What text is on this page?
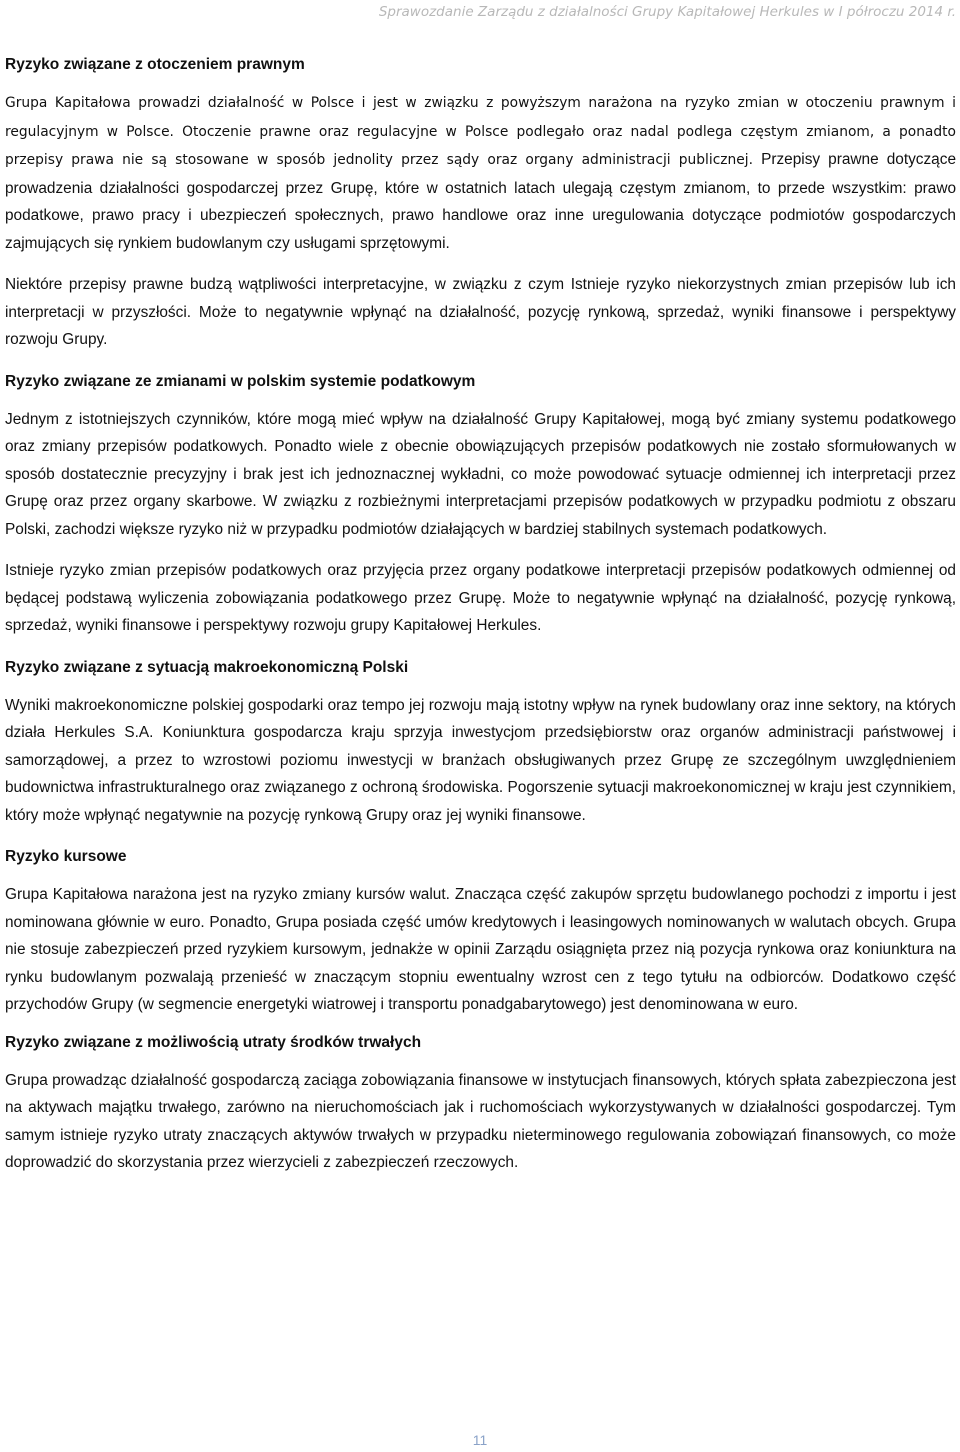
Sprawozdanie Zarządu z działalności Grupy Kapitałowej Herkules w I półroczu 2014 r.
Ryzyko związane z otoczeniem prawnym
Grupa Kapitałowa prowadzi działalność w Polsce i jest w związku z powyższym narażona na ryzyko zmian w otoczeniu prawnym i regulacyjnym w Polsce. Otoczenie prawne oraz regulacyjne w Polsce podlegało oraz nadal podlega częstym zmianom, a ponadto przepisy prawa nie są stosowane w sposób jednolity przez sądy oraz organy administracji publicznej. Przepisy prawne dotyczące prowadzenia działalności gospodarczej przez Grupę, które w ostatnich latach ulegają częstym zmianom, to przede wszystkim: prawo podatkowe, prawo pracy i ubezpieczeń społecznych, prawo handlowe oraz inne uregulowania dotyczące podmiotów gospodarczych zajmujących się rynkiem budowlanym czy usługami sprzętowymi.
Niektóre przepisy prawne budzą wątpliwości interpretacyjne, w związku z czym Istnieje ryzyko niekorzystnych zmian przepisów lub ich interpretacji w przyszłości. Może to negatywnie wpłynąć na działalność, pozycję rynkową, sprzedaż, wyniki finansowe i perspektywy rozwoju Grupy.
Ryzyko związane ze zmianami w polskim systemie podatkowym
Jednym z istotniejszych czynników, które mogą mieć wpływ na działalność Grupy Kapitałowej, mogą być zmiany systemu podatkowego oraz zmiany przepisów podatkowych. Ponadto wiele z obecnie obowiązujących przepisów podatkowych nie zostało sformułowanych w sposób dostatecznie precyzyjny i brak jest ich jednoznacznej wykładni, co może powodować sytuacje odmiennej ich interpretacji przez Grupę oraz przez organy skarbowe. W związku z rozbieżnymi interpretacjami przepisów podatkowych w przypadku podmiotu z obszaru Polski, zachodzi większe ryzyko niż w przypadku podmiotów działających w bardziej stabilnych systemach podatkowych.
Istnieje ryzyko zmian przepisów podatkowych oraz przyjęcia przez organy podatkowe interpretacji przepisów podatkowych odmiennej od będącej podstawą wyliczenia zobowiązania podatkowego przez Grupę. Może to negatywnie wpłynąć na działalność, pozycję rynkową, sprzedaż, wyniki finansowe i perspektywy rozwoju grupy Kapitałowej Herkules.
Ryzyko związane z sytuacją makroekonomiczną Polski
Wyniki makroekonomiczne polskiej gospodarki oraz tempo jej rozwoju mają istotny wpływ na rynek budowlany oraz inne sektory, na których działa Herkules S.A. Koniunktura gospodarcza kraju sprzyja inwestycjom przedsiębiorstw oraz organów administracji państwowej i samorządowej, a przez to wzrostowi poziomu inwestycji w branżach obsługiwanych przez Grupę ze szczególnym uwzględnieniem budownictwa infrastrukturalnego oraz związanego z ochroną środowiska. Pogorszenie sytuacji makroekonomicznej w kraju jest czynnikiem, który może wpłynąć negatywnie na pozycję rynkową Grupy oraz jej wyniki finansowe.
Ryzyko kursowe
Grupa Kapitałowa narażona jest na ryzyko zmiany kursów walut. Znacząca część zakupów sprzętu budowlanego pochodzi z importu i jest nominowana głównie w euro. Ponadto, Grupa posiada część umów kredytowych i leasingowych nominowanych w walutach obcych. Grupa nie stosuje zabezpieczeń przed ryzykiem kursowym, jednakże w opinii Zarządu osiągnięta przez nią pozycja rynkowa oraz koniunktura na rynku budowlanym pozwalają przenieść w znaczącym stopniu ewentualny wzrost cen z tego tytułu na odbiorców. Dodatkowo część przychodów Grupy (w segmencie energetyki wiatrowej i transportu ponadgabarytowego) jest denominowana w euro.
Ryzyko związane z możliwością utraty środków trwałych
Grupa prowadząc działalność gospodarczą zaciąga zobowiązania finansowe w instytucjach finansowych, których spłata zabezpieczona jest na aktywach majątku trwałego, zarówno na nieruchomościach jak i ruchomościach wykorzystywanych w działalności gospodarczej. Tym samym istnieje ryzyko utraty znaczących aktywów trwałych w przypadku nieterminowego regulowania zobowiązań finansowych, co może doprowadzić do skorzystania przez wierzycieli z zabezpieczeń rzeczowych.
11
